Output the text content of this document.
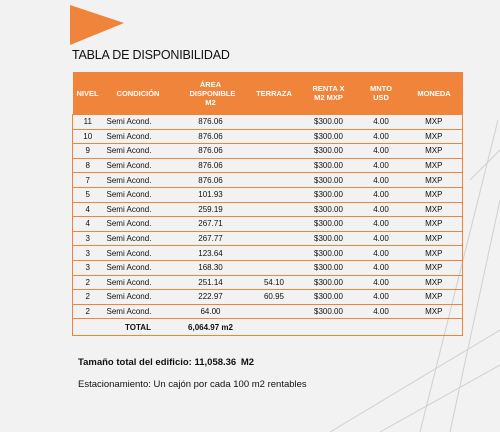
TABLA DE DISPONIBILIDAD
NIVEL	CONDICIÓN	ÁREA DISPONIBLE M2	TERRAZA	RENTA X M2 MXP	MNTO USD	MONEDA
11	Semi Acond.	876.06		$300.00	4.00	MXP
10	Semi Acond.	876.06		$300.00	4.00	MXP
9	Semi Acond.	876.06		$300.00	4.00	MXP
8	Semi Acond.	876.06		$300.00	4.00	MXP
7	Semi Acond.	876.06		$300.00	4.00	MXP
5	Semi Acond.	101.93		$300.00	4.00	MXP
4	Semi Acond.	259.19		$300.00	4.00	MXP
4	Semi Acond.	267.71		$300.00	4.00	MXP
3	Semi Acond.	267.77		$300.00	4.00	MXP
3	Semi Acond.	123.64		$300.00	4.00	MXP
3	Semi Acond.	168.30		$300.00	4.00	MXP
2	Semi Acond.	251.14	54.10	$300.00	4.00	MXP
2	Semi Acond.	222.97	60.95	$300.00	4.00	MXP
2	Semi Acond.	64.00		$300.00	4.00	MXP
	TOTAL	6,064.97 m2				
Tamaño total del edificio: 11,058.36 M2
Estacionamiento: Un cajón por cada 100 m2 rentables
